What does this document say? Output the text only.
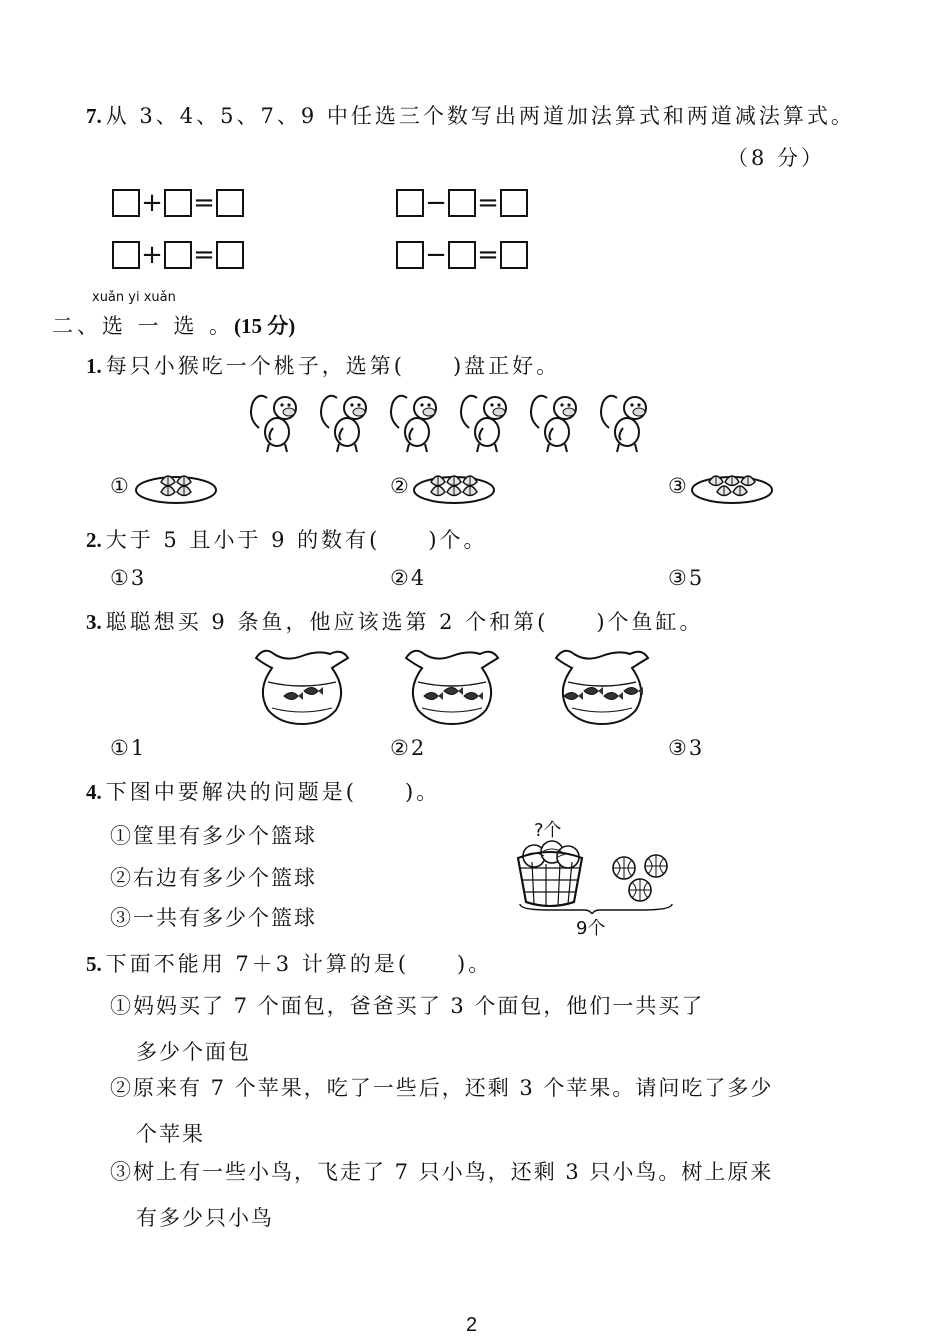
7. 从 3、4、5、7、9 中任选三个数写出两道加法算式和两道减法算式。
（8 分）
+ =
+ =
− =
− =
xuǎn yi xuǎn
二、选 一 选 。(15 分)
1. 每只小猴吃一个桃子，选第(　　)盘正好。
①	②	③
2. 大于 5 且小于 9 的数有(　　)个。
①3	②4	③5
3. 聪聪想买 9 条鱼，他应该选第 2 个和第(　　)个鱼缸。
①1	②2	③3
4. 下图中要解决的问题是(　　)。
①筐里有多少个篮球
②右边有多少个篮球
③一共有多少个篮球
?个
9个
5. 下面不能用 7＋3 计算的是(　　)。
①妈妈买了 7 个面包，爸爸买了 3 个面包，他们一共买了
多少个面包
②原来有 7 个苹果，吃了一些后，还剩 3 个苹果。请问吃了多少
个苹果
③树上有一些小鸟，飞走了 7 只小鸟，还剩 3 只小鸟。树上原来
有多少只小鸟
2
